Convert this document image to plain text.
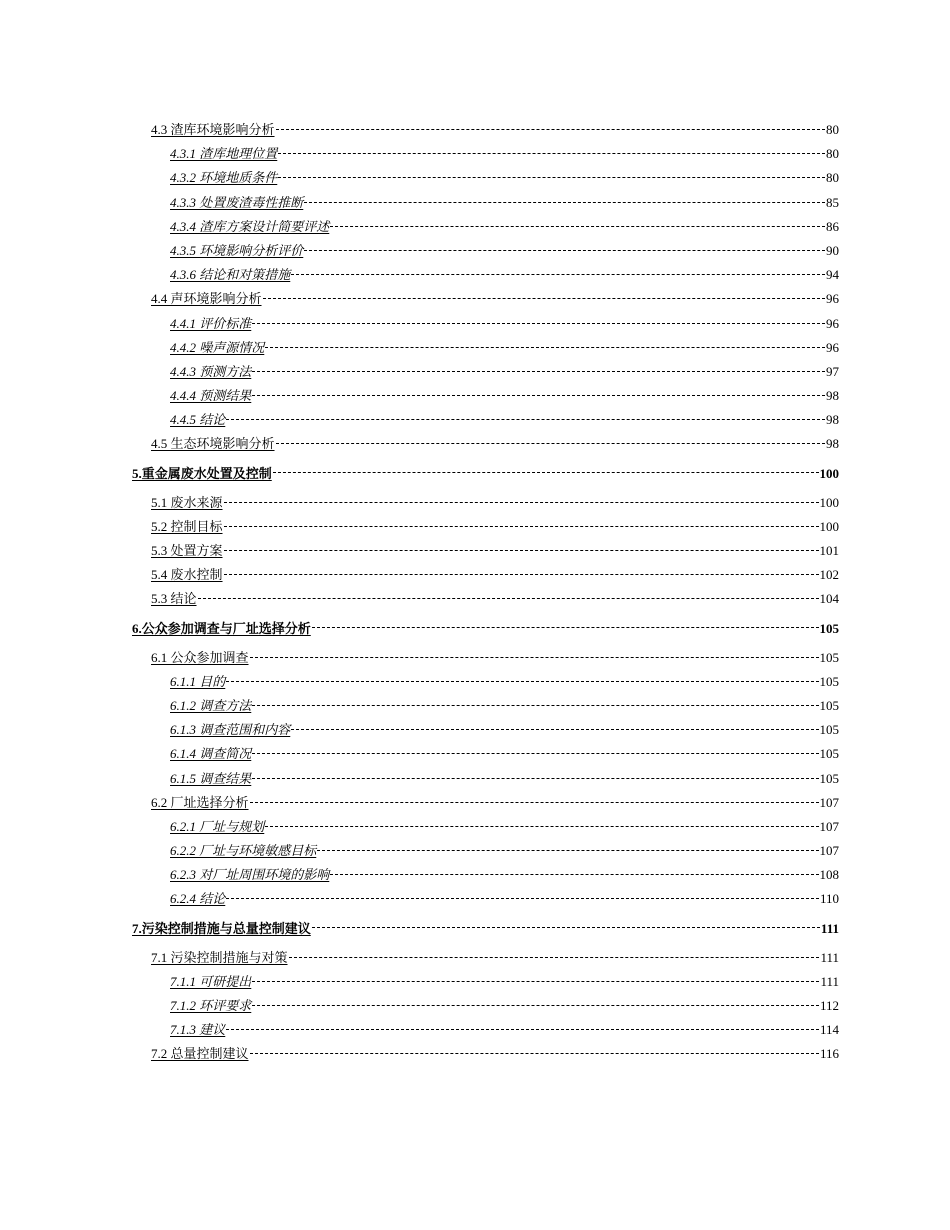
4.3 渣库环境影响分析	80
4.3.1 渣库地理位置	80
4.3.2 环境地质条件	80
4.3.3 处置废渣毒性推断	85
4.3.4 渣库方案设计简要评述	86
4.3.5 环境影响分析评价	90
4.3.6 结论和对策措施	94
4.4 声环境影响分析	96
4.4.1 评价标准	96
4.4.2 噪声源情况	96
4.4.3 预测方法	97
4.4.4 预测结果	98
4.4.5 结论	98
4.5 生态环境影响分析	98
5.重金属废水处置及控制	100
5.1 废水来源	100
5.2 控制目标	100
5.3 处置方案	101
5.4 废水控制	102
5.3 结论	104
6.公众参加调查与厂址选择分析	105
6.1 公众参加调查	105
6.1.1 目的	105
6.1.2 调查方法	105
6.1.3 调查范围和内容	105
6.1.4 调查简况	105
6.1.5 调查结果	105
6.2 厂址选择分析	107
6.2.1 厂址与规划	107
6.2.2 厂址与环境敏感目标	107
6.2.3 对厂址周围环境的影响	108
6.2.4 结论	110
7.污染控制措施与总量控制建议	111
7.1 污染控制措施与对策	111
7.1.1 可研提出	111
7.1.2 环评要求	112
7.1.3 建议	114
7.2 总量控制建议	116
